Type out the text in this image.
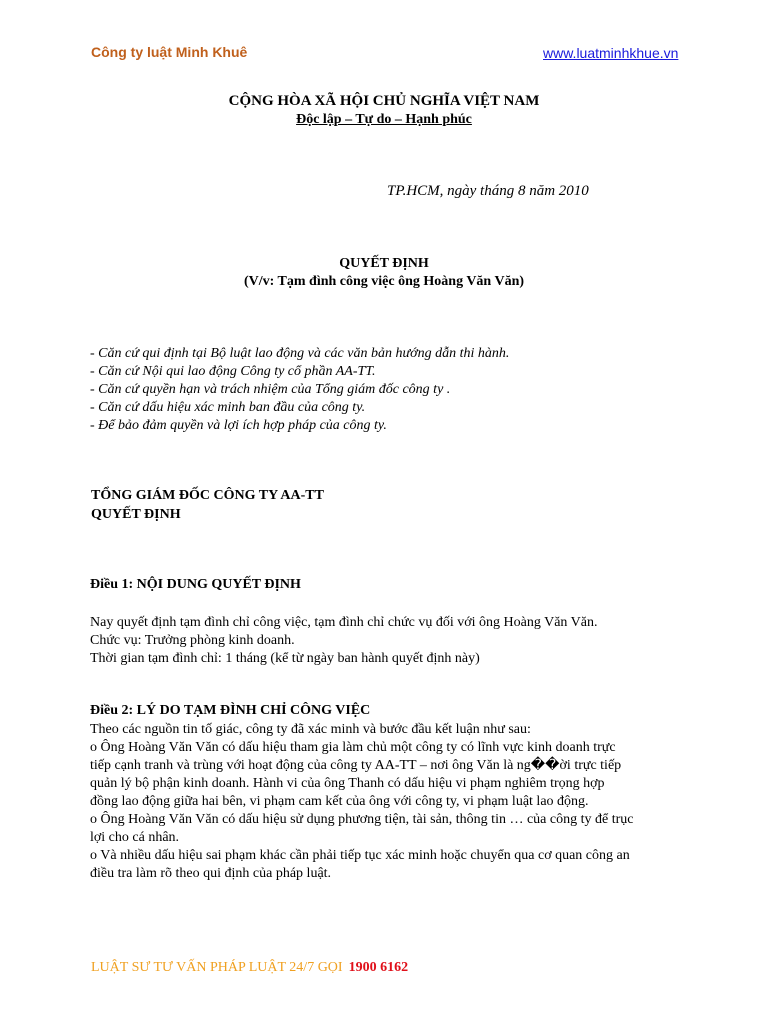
Công ty luật Minh Khuê	www.luatminhkhue.vn
CỘNG HÒA XÃ HỘI CHỦ NGHĨA VIỆT NAM
Độc lập – Tự do – Hạnh phúc
TP.HCM, ngày tháng 8 năm 2010
QUYẾT ĐỊNH
(V/v: Tạm đình công việc ông Hoàng Văn Văn)
- Căn cứ qui định tại Bộ luật lao động và các văn bản hướng dẫn thi hành.
- Căn cứ Nội qui lao động Công ty cổ phần AA-TT.
- Căn cứ quyền hạn và trách nhiệm của Tổng giám đốc công ty .
- Căn cứ dấu hiệu xác minh ban đầu của công ty.
- Để bảo đảm quyền và lợi ích hợp pháp của công ty.
TỔNG GIÁM ĐỐC CÔNG TY AA-TT
QUYẾT ĐỊNH
Điều 1: NỘI DUNG QUYẾT ĐỊNH
Nay quyết định tạm đình chỉ công việc, tạm đình chỉ chức vụ đối với ông Hoàng Văn Văn.
Chức vụ: Trưởng phòng kinh doanh.
Thời gian tạm đình chỉ: 1 tháng (kể từ ngày ban hành quyết định này)
Điều 2: LÝ DO TẠM ĐÌNH CHỈ CÔNG VIỆC
Theo các nguồn tin tố giác, công ty đã xác minh và bước đầu kết luận như sau:
o Ông Hoàng Văn Văn có dấu hiệu tham gia làm chủ một công ty có lĩnh vực kinh doanh trực
tiếp cạnh tranh và trùng với hoạt động của công ty AA-TT – nơi ông Văn là ng��ời trực tiếp
quản lý bộ phận kinh doanh. Hành vi của ông Thanh có dấu hiệu vi phạm nghiêm trọng hợp
đồng lao động giữa hai bên, vi phạm cam kết của ông với công ty, vi phạm luật lao động.
o Ông Hoàng Văn Văn có dấu hiệu sử dụng phương tiện, tài sản, thông tin … của công ty để trục
lợi cho cá nhân.
o Và nhiều dấu hiệu sai phạm khác cần phải tiếp tục xác minh hoặc chuyển qua cơ quan công an
điều tra làm rõ theo qui định của pháp luật.
LUẬT SƯ TƯ VẤN PHÁP LUẬT 24/7 GỌI 1900 6162
